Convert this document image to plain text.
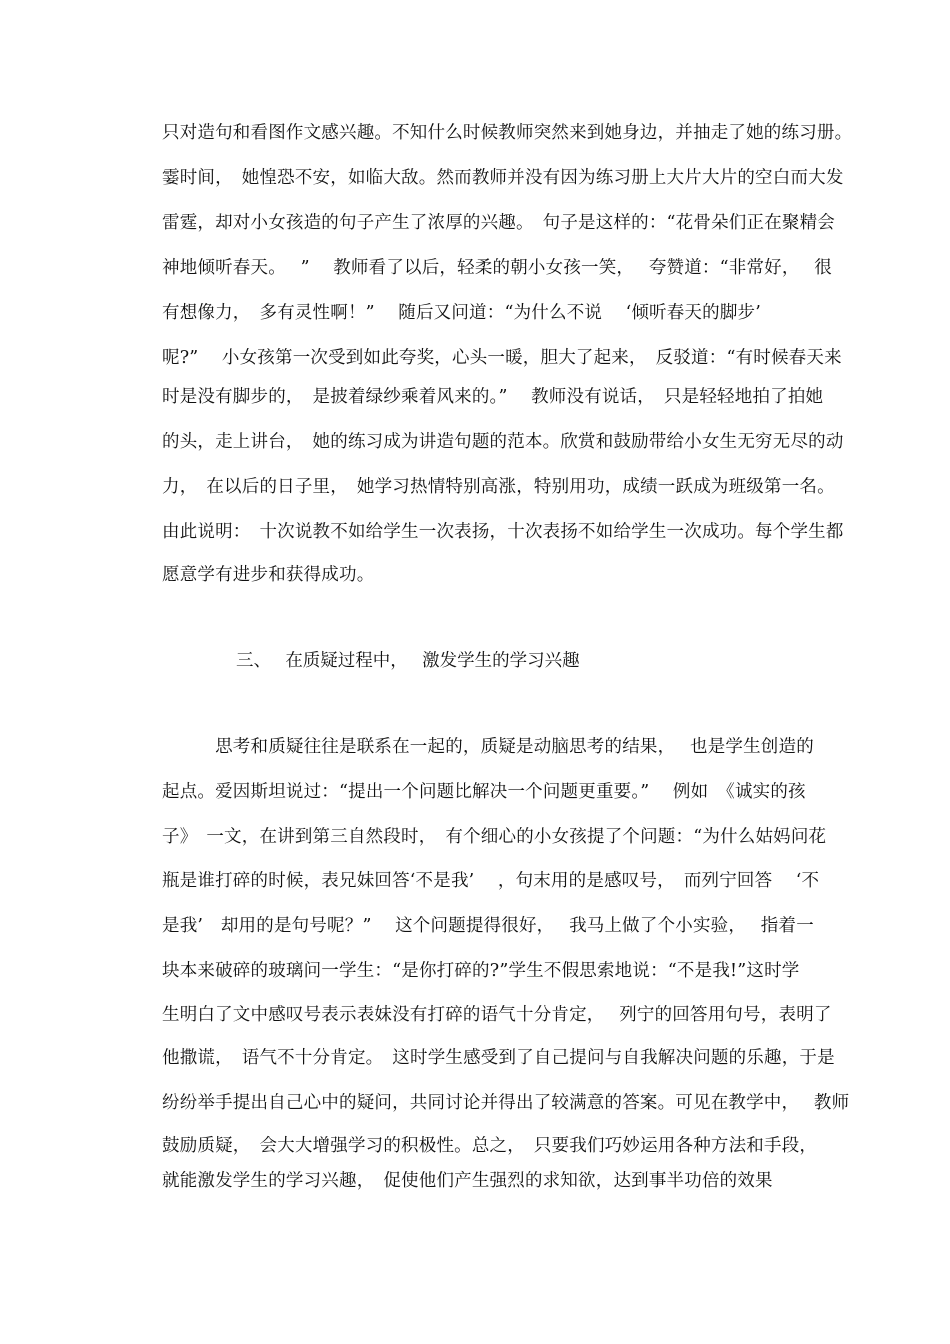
只对造句和看图作文感兴趣。不知什么时候教师突然来到她身边，并抽走了她的练习册。
霎时间，　她惶恐不安，如临大敌。然而教师并没有因为练习册上大片大片的空白而大发
雷霆，却对小女孩造的句子产生了浓厚的兴趣。　句子是这样的：“花骨朵们正在聚精会
神地倾听春天。　 ”　 教师看了以后，轻柔的朝小女孩一笑，　 夸赞道：“非常好，　 很
有想像力，　多有灵性啊！”　 随后又问道：“为什么不说　 ‘倾听春天的脚步’
呢?”　 小女孩第一次受到如此夸奖，心头一暖，胆大了起来，　反驳道：“有时候春天来
时是没有脚步的，　是披着绿纱乘着风来的。”　 教师没有说话，　只是轻轻地拍了拍她
的头，走上讲台，　她的练习成为讲造句题的范本。欣赏和鼓励带给小女生无穷无尽的动
力，　在以后的日子里，　她学习热情特别高涨，特别用功，成绩一跃成为班级第一名。
由此说明：　十次说教不如给学生一次表扬，十次表扬不如给学生一次成功。每个学生都
愿意学有进步和获得成功。
三、　 在质疑过程中，　 激发学生的学习兴趣
　　　思考和质疑往往是联系在一起的，质疑是动脑思考的结果，　 也是学生创造的
起点。爱因斯坦说过：“提出一个问题比解决一个问题更重要。”　 例如　《诚实的孩
子》　一文，在讲到第三自然段时，　有个细心的小女孩提了个问题：“为什么姑妈问花
瓶是谁打碎的时候，表兄妹回答‘不是我’　 ，句末用的是感叹号，　而列宁回答　 ‘不
是我’　却用的是句号呢？”　 这个问题提得很好，　 我马上做了个小实验，　 指着一
块本来破碎的玻璃问一学生：“是你打碎的?”学生不假思索地说：“不是我!”这时学
生明白了文中感叹号表示表妹没有打碎的语气十分肯定，　 列宁的回答用句号，表明了
他撒谎，　语气不十分肯定。　这时学生感受到了自己提问与自我解决问题的乐趣，于是
纷纷举手提出自己心中的疑问，共同讨论并得出了较满意的答案。可见在教学中，　 教师
鼓励质疑，　会大大增强学习的积极性。总之，　只要我们巧妙运用各种方法和手段，
就能激发学生的学习兴趣，　促使他们产生强烈的求知欲，达到事半功倍的效果
